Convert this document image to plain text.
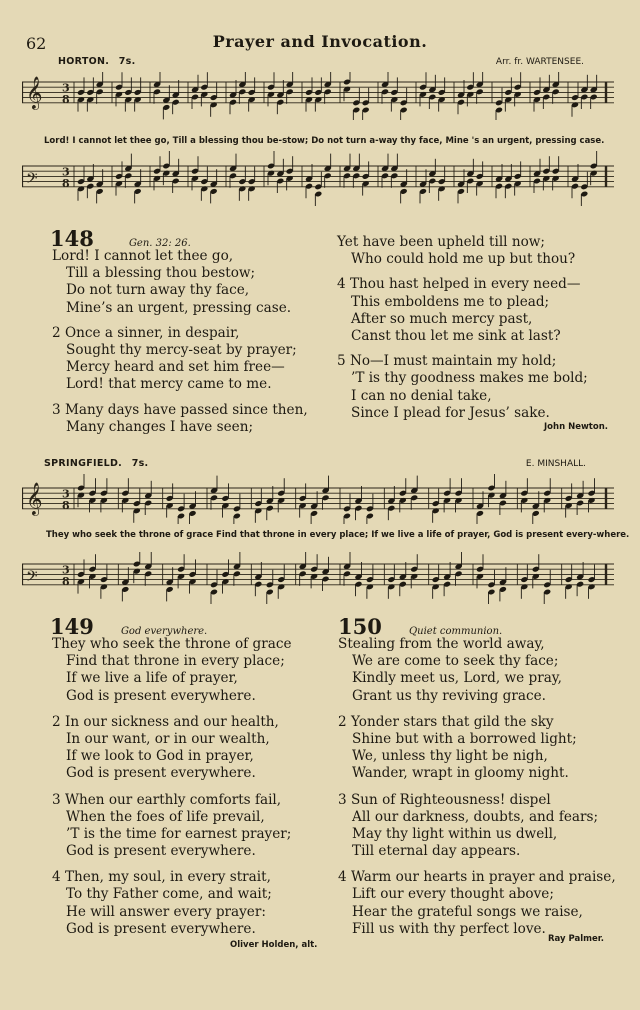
62	Prayer and Invocation.
HORTON. 7s.	Arr. fr. WARTENSEE.
𝄞 3
8
Lord! I cannot let thee go, Till a blessing thou be-stow; Do not turn a-way thy face, Mine 's an urgent, pressing case.
𝄢 3
8
148	Gen. 32: 26.
Lord! I cannot let thee go,
Till a blessing thou bestow;
Do not turn away thy face,
Mine’s an urgent, pressing case.
2 Once a sinner, in despair,
Sought thy mercy-seat by prayer;
Mercy heard and set him free—
Lord! that mercy came to me.
3 Many days have passed since then,
Many changes I have seen;
Yet have been upheld till now;
Who could hold me up but thou?
4 Thou hast helped in every need—
This emboldens me to plead;
After so much mercy past,
Canst thou let me sink at last?
5 No—I must maintain my hold;
’T is thy goodness makes me bold;
I can no denial take,
Since I plead for Jesus’ sake.
John Newton.
SPRINGFIELD. 7s.	E. MINSHALL.
𝄞 3
8
They who seek the throne of grace Find that throne in every place; If we live a life of prayer, God is present every-where.
𝄢 3
8
149	God everywhere.
They who seek the throne of grace
Find that throne in every place;
If we live a life of prayer,
God is present everywhere.
2 In our sickness and our health,
In our want, or in our wealth,
If we look to God in prayer,
God is present everywhere.
3 When our earthly comforts fail,
When the foes of life prevail,
’T is the time for earnest prayer;
God is present everywhere.
4 Then, my soul, in every strait,
To thy Father come, and wait;
He will answer every prayer:
God is present everywhere.
Oliver Holden, alt.
150	Quiet communion.
Stealing from the world away,
We are come to seek thy face;
Kindly meet us, Lord, we pray,
Grant us thy reviving grace.
2 Yonder stars that gild the sky
Shine but with a borrowed light;
We, unless thy light be nigh,
Wander, wrapt in gloomy night.
3 Sun of Righteousness! dispel
All our darkness, doubts, and fears;
May thy light within us dwell,
Till eternal day appears.
4 Warm our hearts in prayer and praise,
Lift our every thought above;
Hear the grateful songs we raise,
Fill us with thy perfect love.
Ray Palmer.
